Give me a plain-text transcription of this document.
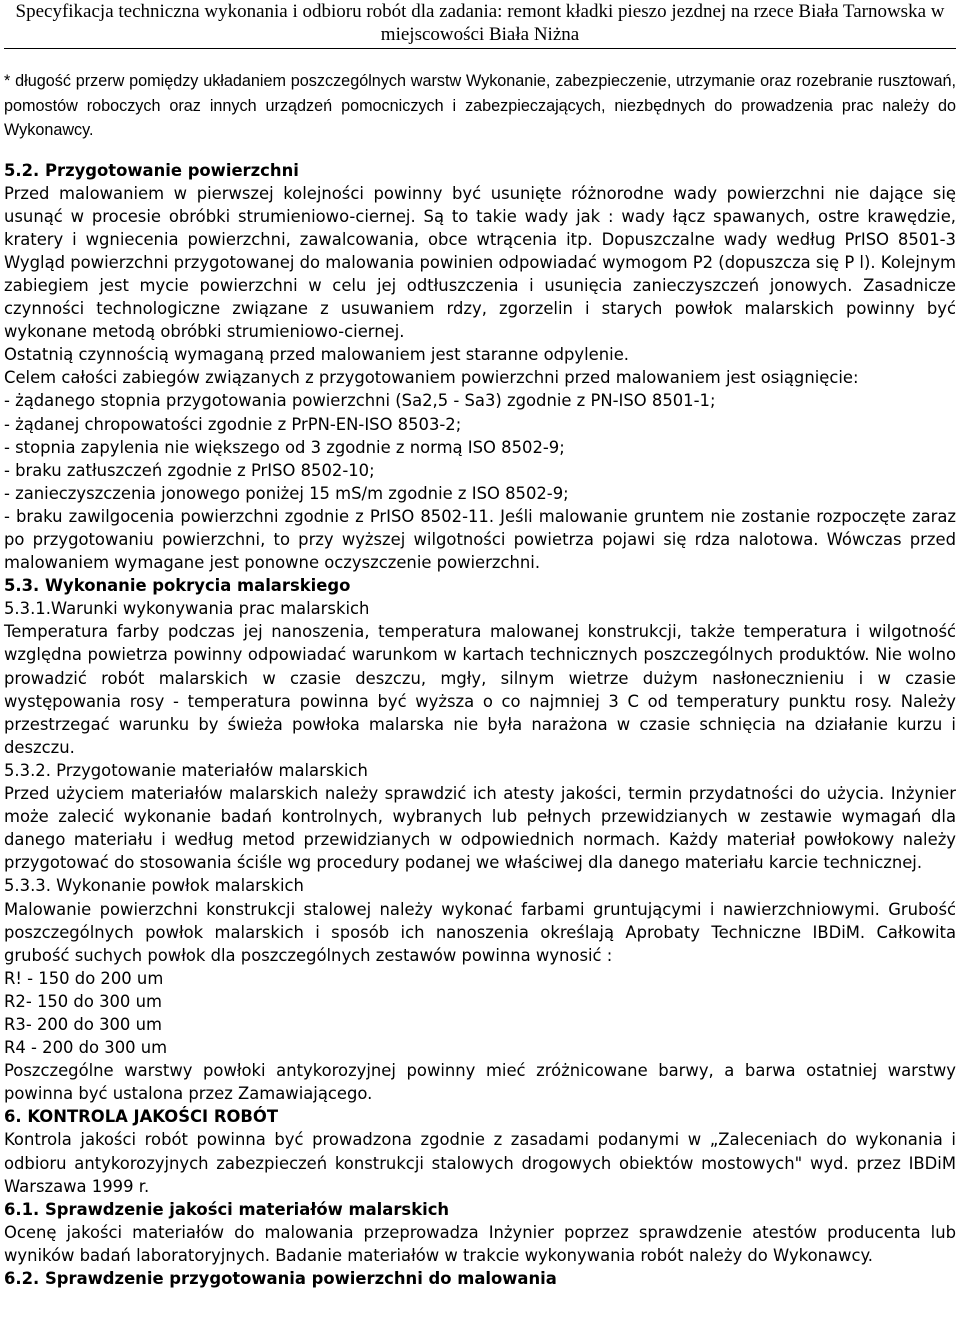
Specyfikacja techniczna wykonania i odbioru robót dla zadania: remont kładki pieszo jezdnej na rzece Biała Tarnowska w
miejscowości Biała Niżna

* długość przerw pomiędzy układaniem poszczególnych warstw Wykonanie, zabezpieczenie, utrzymanie oraz rozebranie rusztowań, pomostów roboczych oraz innych urządzeń pomocniczych i zabezpieczających, niezbędnych do prowadzenia prac należy do Wykonawcy.

5.2. Przygotowanie powierzchni

Przed malowaniem w pierwszej kolejności powinny być usunięte różnorodne wady powierzchni nie dające się usunąć w procesie obróbki strumieniowo-ciernej. Są to takie wady jak : wady łącz spawanych, ostre krawędzie, kratery i wgniecenia powierzchni, zawalcowania, obce wtrącenia itp. Dopuszczalne wady według PrISO 8501-3 Wygląd powierzchni przygotowanej do malowania powinien odpowiadać wymogom P2 (dopuszcza się P l). Kolejnym zabiegiem jest mycie powierzchni w celu jej odtłuszczenia i usunięcia zanieczyszczeń jonowych. Zasadnicze czynności technologiczne związane z usuwaniem rdzy, zgorzelin i starych powłok malarskich powinny być wykonane metodą obróbki strumieniowo-ciernej.

Ostatnią czynnością wymaganą przed malowaniem jest staranne odpylenie.

Celem całości zabiegów związanych z przygotowaniem powierzchni przed malowaniem jest osiągnięcie:

- żądanego stopnia przygotowania powierzchni (Sa2,5 - Sa3) zgodnie z PN-ISO 8501-1;
- żądanej chropowatości zgodnie z PrPN-EN-ISO 8503-2;
- stopnia zapylenia nie większego od 3 zgodnie z normą ISO 8502-9;
- braku zatłuszczeń zgodnie z PrISO 8502-10;
- zanieczyszczenia jonowego poniżej 15 mS/m zgodnie z ISO 8502-9;

- braku zawilgocenia powierzchni zgodnie z PrISO 8502-11. Jeśli malowanie gruntem nie zostanie rozpoczęte zaraz po przygotowaniu powierzchni, to przy wyższej wilgotności powietrza pojawi się rdza nalotowa. Wówczas przed malowaniem wymagane jest ponowne oczyszczenie powierzchni.

5.3. Wykonanie pokrycia malarskiego

5.3.1.Warunki wykonywania prac malarskich

Temperatura farby podczas jej nanoszenia, temperatura malowanej konstrukcji, także temperatura i wilgotność względna powietrza powinny odpowiadać warunkom w kartach technicznych poszczególnych produktów. Nie wolno prowadzić robót malarskich w czasie deszczu, mgły, silnym wietrze dużym nasłonecznieniu i w czasie występowania rosy - temperatura powinna być wyższa o co najmniej 3 C od temperatury punktu rosy. Należy przestrzegać warunku by świeża powłoka malarska nie była narażona w czasie schnięcia na działanie kurzu i deszczu.

5.3.2. Przygotowanie materiałów malarskich

Przed użyciem materiałów malarskich należy sprawdzić ich atesty jakości, termin przydatności do użycia. Inżynier może zalecić wykonanie badań kontrolnych, wybranych lub pełnych przewidzianych w zestawie wymagań dla danego materiału i według metod przewidzianych w odpowiednich normach. Każdy materiał powłokowy należy przygotować do stosowania ściśle wg procedury podanej we właściwej dla danego materiału karcie technicznej.

5.3.3. Wykonanie powłok malarskich

Malowanie powierzchni konstrukcji stalowej należy wykonać farbami gruntującymi i nawierzchniowymi. Grubość poszczególnych powłok malarskich i sposób ich nanoszenia określają Aprobaty Techniczne IBDiM. Całkowita grubość suchych powłok dla poszczególnych zestawów powinna wynosić :

R! - 150 do 200 um
R2- 150 do 300 um
R3- 200 do 300 um
R4 - 200 do 300 um

Poszczególne warstwy powłoki antykorozyjnej powinny mieć zróżnicowane barwy, a barwa ostatniej warstwy powinna być ustalona przez Zamawiającego.

6. KONTROLA JAKOŚCI ROBÓT

Kontrola jakości robót powinna być prowadzona zgodnie z zasadami podanymi w „Zaleceniach do wykonania i odbioru antykorozyjnych zabezpieczeń konstrukcji stalowych drogowych obiektów mostowych" wyd. przez IBDiM Warszawa 1999 r.

6.1. Sprawdzenie jakości materiałów malarskich

Ocenę jakości materiałów do malowania przeprowadza Inżynier poprzez sprawdzenie atestów producenta lub wyników badań laboratoryjnych. Badanie materiałów w trakcie wykonywania robót należy do Wykonawcy.

6.2. Sprawdzenie przygotowania powierzchni do malowania
